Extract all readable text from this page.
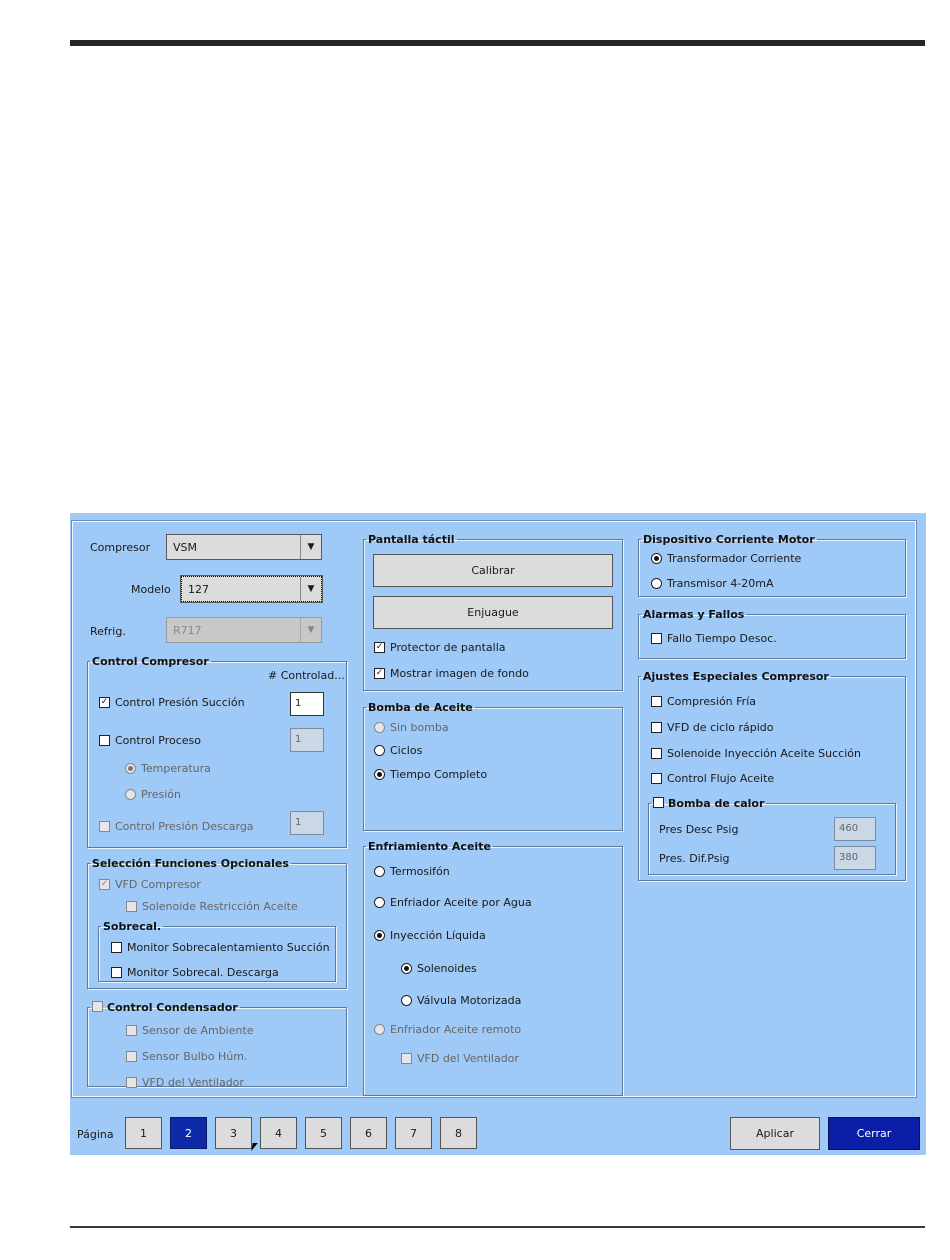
Compresor VSM	▼
Modelo 127	▼
Refrig.	R717	▼
Control Compresor
# Controlad...
✓ Control Presión Succión	1
Control Proceso	1
Temperatura
Presión
Control Presión Descarga	1
Selección Funciones Opcionales
✓ VFD Compresor
Solenoide Restricción Aceite
Sobrecal.
Monitor Sobrecalentamiento Succión
Monitor Sobrecal. Descarga
Control Condensador
Sensor de Ambiente
Sensor Bulbo Húm.
VFD del Ventilador
Pantalla táctil
Calibrar
Enjuague
✓ Protector de pantalla
✓ Mostrar imagen de fondo
Bomba de Aceite
Sin bomba
Ciclos
Tiempo Completo
Enfriamiento Aceite
Termosifón
Enfriador Aceite por Agua
Inyección Líquida
Solenoides
Válvula Motorizada
Enfriador Aceite remoto
VFD del Ventilador
Dispositivo Corriente Motor
Transformador Corriente
Transmisor 4-20mA
Alarmas y Fallos
Fallo Tiempo Desoc.
Ajustes Especiales Compresor
Compresión Fría
VFD de ciclo rápido
Solenoide Inyección Aceite Succión
Control Flujo Aceite
Bomba de calor
Pres Desc Psig	460
Pres. Dif.Psig	380
Página	1	2	3	4	5	6	7	8	Aplicar	Cerrar
